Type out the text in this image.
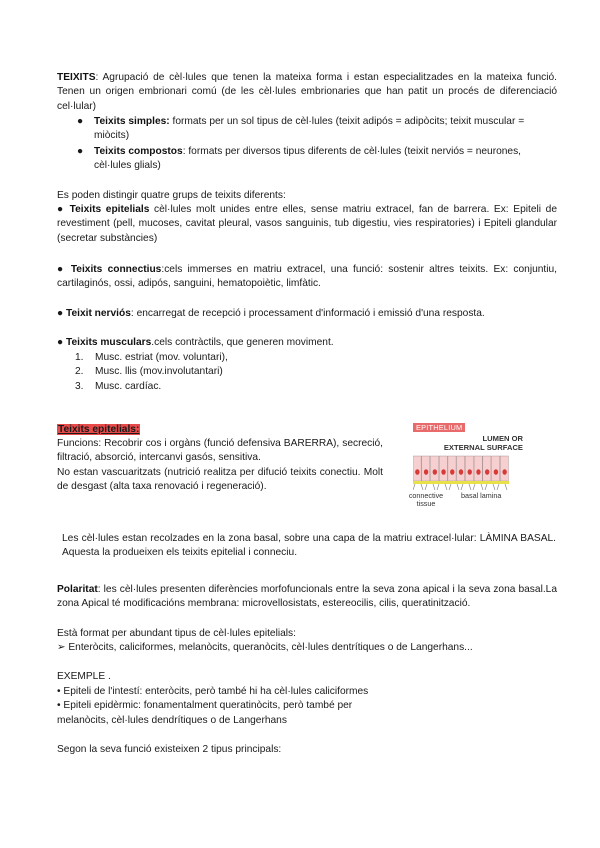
TEIXITS: Agrupació de cèl·lules que tenen la mateixa forma i estan especialitzades en la mateixa funció. Tenen un origen embrionari comú (de les cèl·lules embrionaries que han patit un procés de diferenciació cel·lular)
● Teixits simples: formats per un sol tipus de cèl·lules (teixit adipós = adipòcits; teixit muscular = miòcits)
● Teixits compostos: formats per diversos tipus diferents de cèl·lules (teixit nerviós = neurones, cèl·lules glials)
Es poden distingir quatre grups de teixits diferents:
● Teixits epitelials cèl·lules molt unides entre elles, sense matriu extracel, fan de barrera. Ex: Epiteli de revestiment (pell, mucoses, cavitat pleural, vasos sanguinis, tub digestiu, vies respiratories) i Epiteli glandular (secretar substàncies)
● Teixits connectius:cels immerses en matriu extracel, una funció: sostenir altres teixits. Ex: conjuntiu, cartilaginós, ossi, adipós, sanguini, hematopoiètic, limfàtic.
● Teixit nerviós: encarregat de recepció i processament d'informació i emissió d'una resposta.
● Teixits musculars.cels contràctils, que generen moviment.
1. Musc. estriat (mov. voluntari),
2. Musc. llis (mov.involutantari)
3. Musc. cardíac.
Teixits epitelials:
Funcions: Recobrir cos i orgàns (funció defensiva BARERRA), secreció, filtració, absorció, intercanvi gasós, sensitiva.
No estan vascuaritzats (nutrició realitza per difució teixits conectiu. Molt de desgast (alta taxa renovació i regeneració).
EPITHELIUM
LUMEN OR
EXTERNAL SURFACE
connective
tissue
basal lamina
Les cèl·lules estan recolzades en la zona basal, sobre una capa de la matriu extracel·lular: LÀMINA BASAL. Aquesta la produeixen els teixits epitelial i conneciu.
Polaritat: les cèl·lules presenten diferències morfofuncionals entre la seva zona apical i la seva zona basal.La zona Apical té modificacións membrana: microvellosistats, estereocilis, cilis, queratinització.
Està format per abundant tipus de cèl·lules epitelials:
➢ Enteròcits, caliciformes, melanòcits, queranòcits, cèl·lules dentrítiques o de Langerhans...
EXEMPLE .
• Epiteli de l'intestí: enteròcits, però també hi ha cèl·lules caliciformes
• Epiteli epidèrmic: fonamentalment queratinòcits, però també per
melanòcits, cèl·lules dendrítiques o de Langerhans
Segon la seva funció existeixen 2 tipus principals:
